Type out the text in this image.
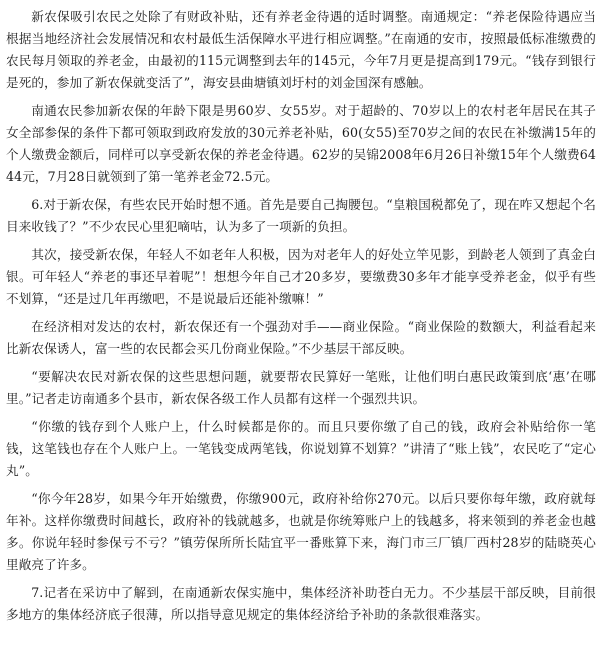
新农保吸引农民之处除了有财政补贴，还有养老金待遇的适时调整。南通规定：“养老保险待遇应当根据当地经济社会发展情况和农村最低生活保障水平进行相应调整。”在南通的安市，按照最低标准缴费的农民每月领取的养老金，由最初的115元调整到去年的145元，今年7月更是提高到179元。“钱存到银行是死的，参加了新农保就变活了”，海安县曲塘镇刘圩村的刘金国深有感触。

南通农民参加新农保的年龄下限是男60岁、女55岁。对于超龄的、70岁以上的农村老年居民在其子女全部参保的条件下都可领取到政府发放的30元养老补贴，60(女55)至70岁之间的农民在补缴满15年的个人缴费金额后，同样可以享受新农保的养老金待遇。62岁的吴锦2008年6月26日补缴15年个人缴费6444元，7月28日就领到了第一笔养老金72.5元。

6.对于新农保，有些农民开始时想不通。首先是要自己掏腰包。“皇粮国税都免了，现在咋又想起个名目来收钱了？”不少农民心里犯嘀咕，认为多了一项新的负担。

其次，接受新农保，年轻人不如老年人积极，因为对老年人的好处立竿见影，到龄老人领到了真金白银。可年轻人“养老的事还早着呢”！想想今年自己才20多岁，要缴费30多年才能享受养老金，似乎有些不划算，“还是过几年再缴吧，不是说最后还能补缴嘛！”

在经济相对发达的农村，新农保还有一个强劲对手——商业保险。“商业保险的数额大，利益看起来比新农保诱人，富一些的农民都会买几份商业保险。”不少基层干部反映。

“要解决农民对新农保的这些思想问题，就要帮农民算好一笔账，让他们明白惠民政策到底‘惠’在哪里。”记者走访南通多个县市，新农保各级工作人员都有这样一个强烈共识。

“你缴的钱存到个人账户上，什么时候都是你的。而且只要你缴了自己的钱，政府会补贴给你一笔钱，这笔钱也存在个人账户上。一笔钱变成两笔钱，你说划算不划算？”讲清了“账上钱”，农民吃了“定心丸”。

“你今年28岁，如果今年开始缴费，你缴900元，政府补给你270元。以后只要你每年缴，政府就每年补。这样你缴费时间越长，政府补的钱就越多，也就是你统筹账户上的钱越多，将来领到的养老金也越多。你说年轻时参保亏不亏？”镇劳保所所长陆宜平一番账算下来，海门市三厂镇厂西村28岁的陆晓英心里敞亮了许多。

7.记者在采访中了解到，在南通新农保实施中，集体经济补助苍白无力。不少基层干部反映，目前很多地方的集体经济底子很薄，所以指导意见规定的集体经济给予补助的条款很难落实。
